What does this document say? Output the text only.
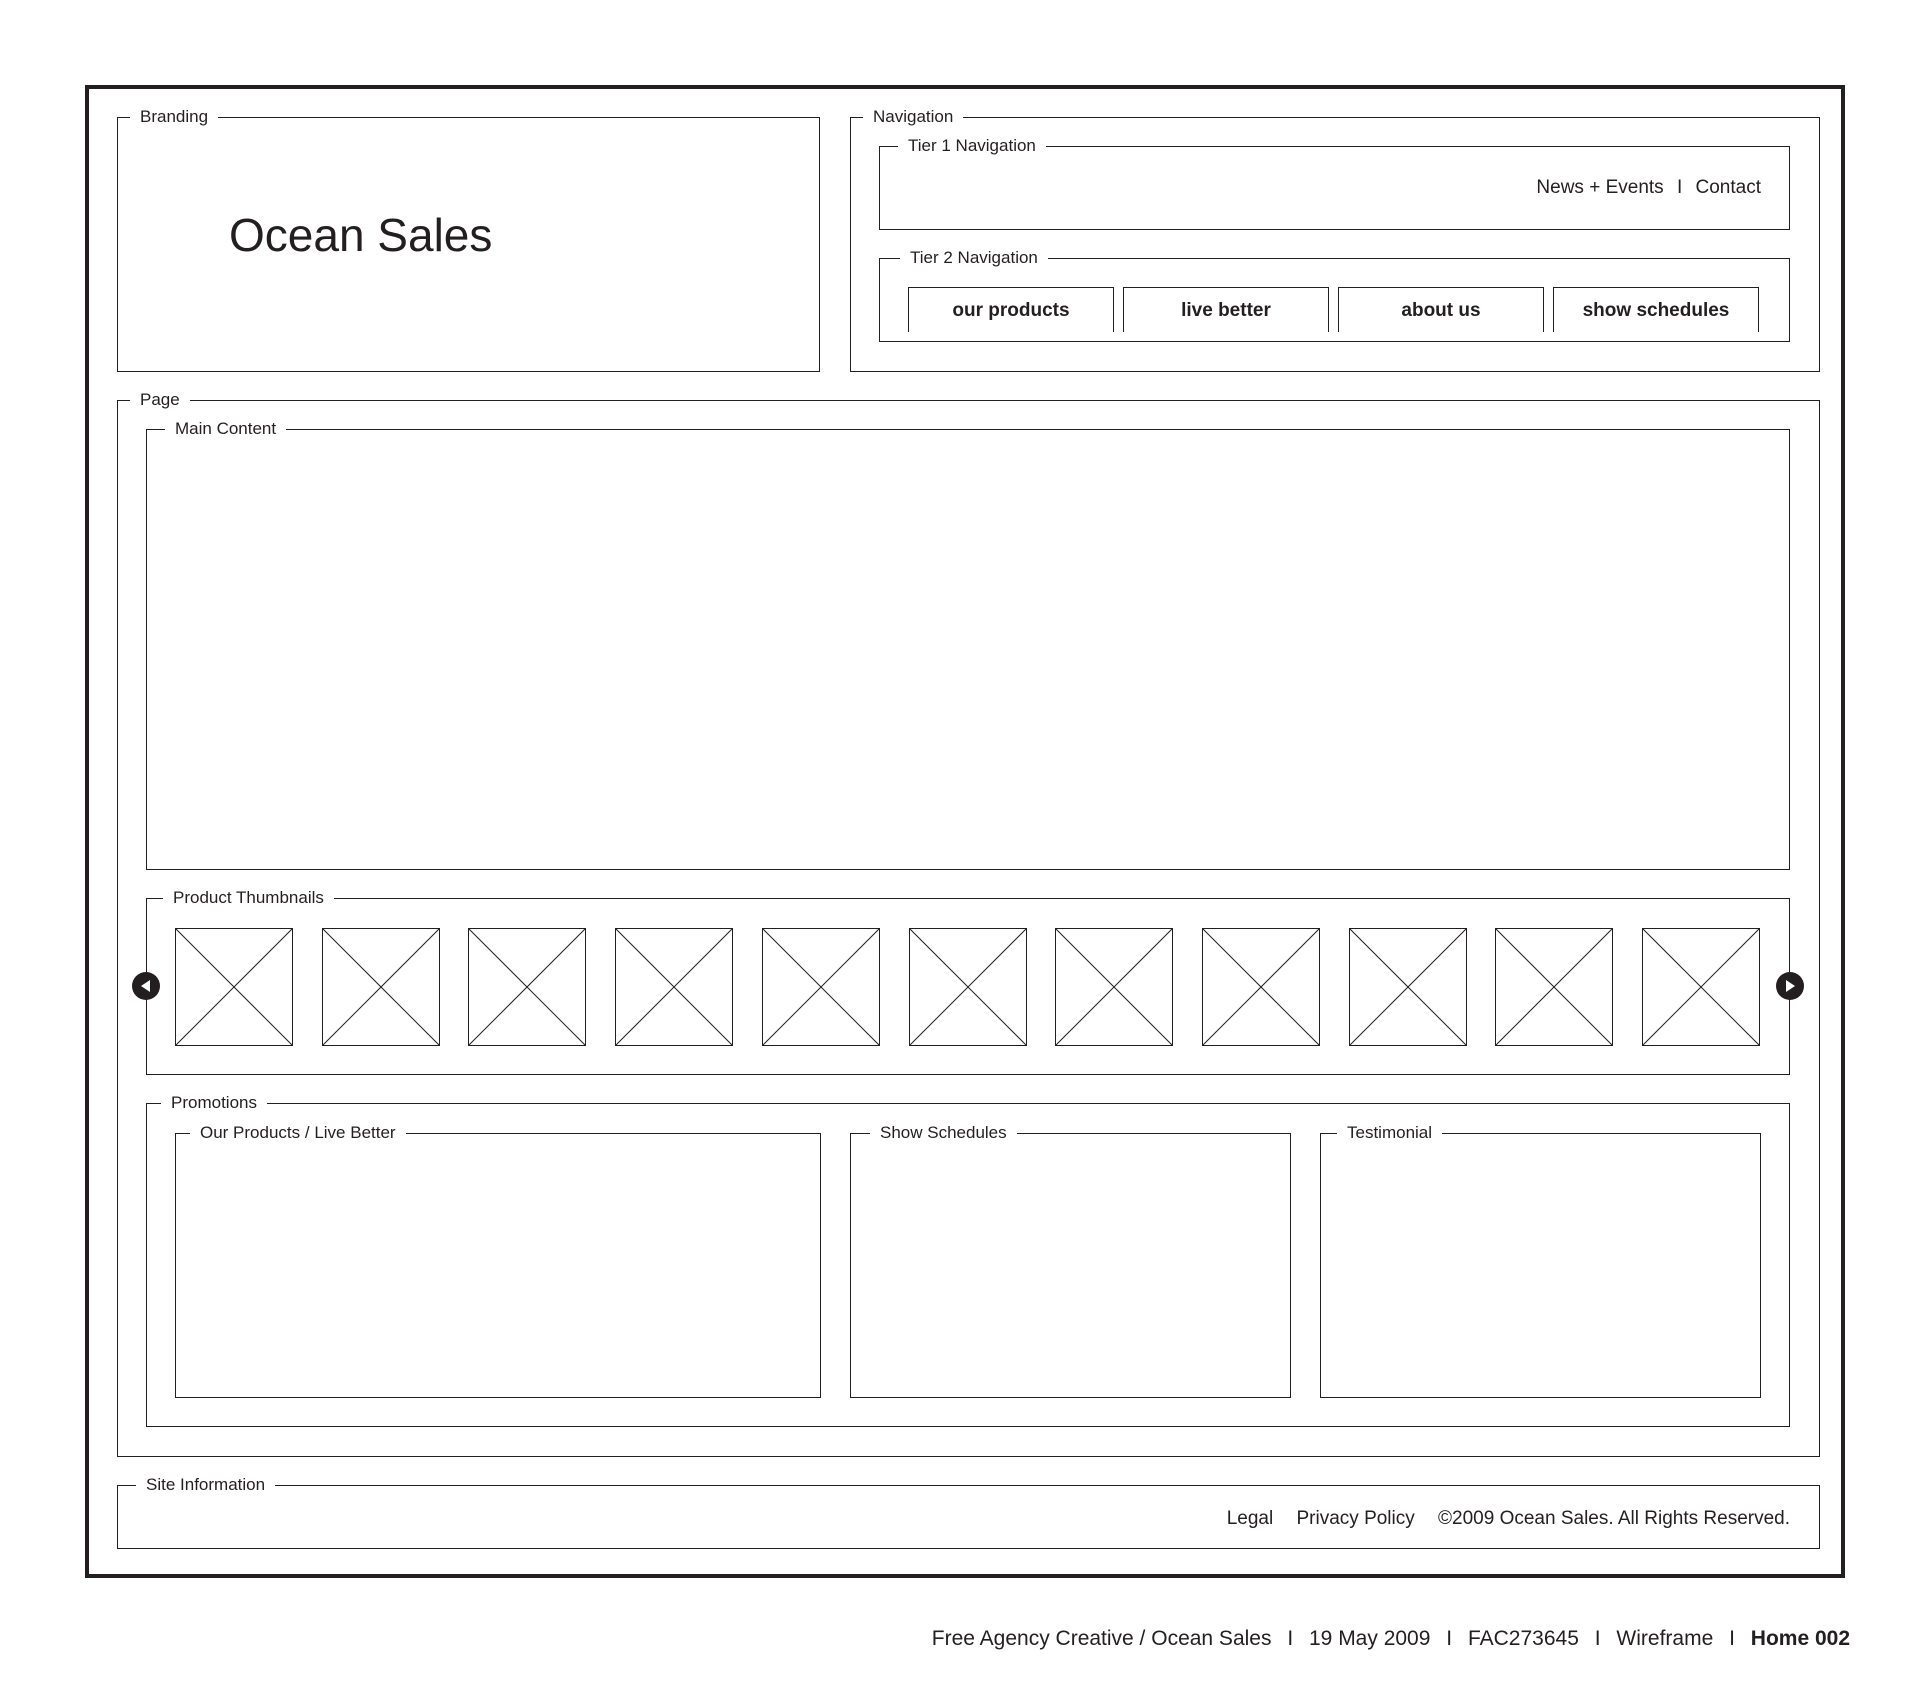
Branding
Ocean Sales
Navigation
Tier 1 Navigation
News + Events I Contact
Tier 2 Navigation
our products	live better	about us	show schedules
Page
Main Content
Product Thumbnails
Promotions
Our Products / Live Better	Show Schedules	Testimonial
Site Information
Legal Privacy Policy ©2009 Ocean Sales. All Rights Reserved.
Free Agency Creative / Ocean Sales I 19 May 2009 I FAC273645 I Wireframe I Home 002
